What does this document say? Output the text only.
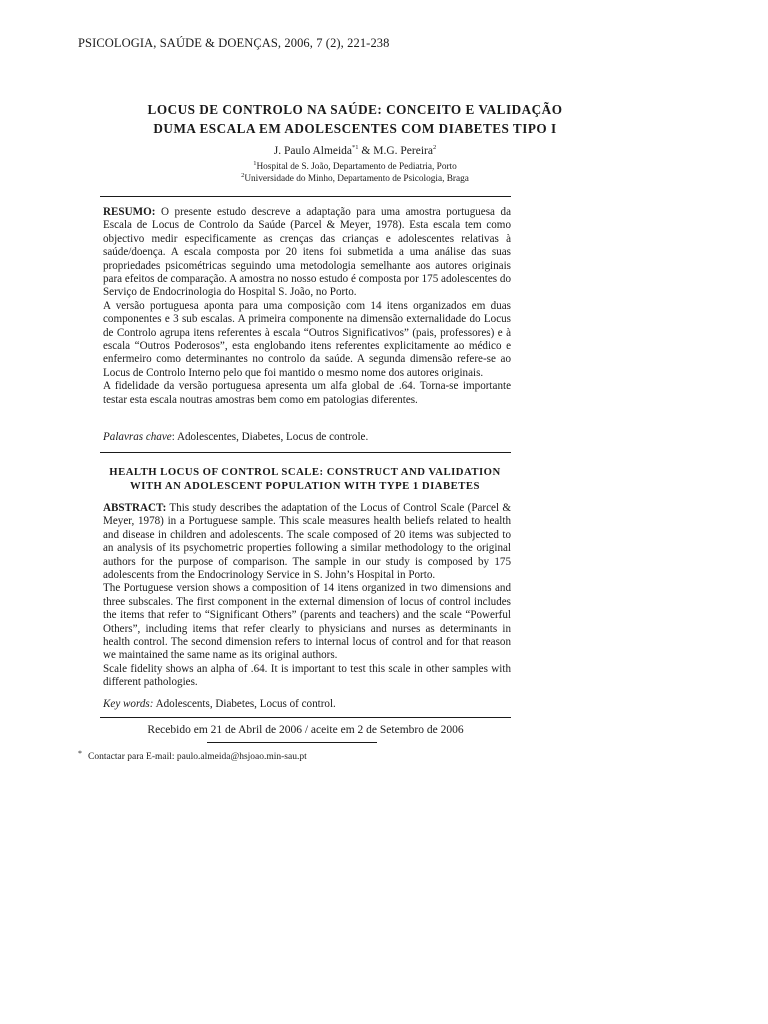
PSICOLOGIA, SAÚDE & DOENÇAS, 2006, 7 (2), 221-238
LOCUS DE CONTROLO NA SAÚDE: CONCEITO E VALIDAÇÃO
DUMA ESCALA EM ADOLESCENTES COM DIABETES TIPO I
J. Paulo Almeida$^{*1}$ & M.G. Pereira$^2$
$^1$Hospital de S. João, Departamento de Pediatria, Porto
$^2$Universidade do Minho, Departamento de Psicologia, Braga

RESUMO: O presente estudo descreve a adaptação para uma amostra portuguesa da Escala de Locus de Controlo da Saúde (Parcel & Meyer, 1978). Esta escala tem como objectivo medir especificamente as crenças das crianças e adolescentes relativas à saúde/doença. A escala composta por 20 itens foi submetida a uma análise das suas propriedades psicométricas seguindo uma metodologia semelhante aos autores originais para efeitos de comparação. A amostra no nosso estudo é composta por 175 adolescentes do Serviço de Endocrinologia do Hospital S. João, no Porto.

A versão portuguesa aponta para uma composição com 14 itens organizados em duas componentes e 3 sub escalas. A primeira componente na dimensão externalidade do Locus de Controlo agrupa itens referentes à escala “Outros Significativos” (pais, professores) e à escala “Outros Poderosos”, esta englobando itens referentes explicitamente ao médico e enfermeiro como determinantes no controlo da saúde. A segunda dimensão refere-se ao Locus de Controlo Interno pelo que foi mantido o mesmo nome dos autores originais.

A fidelidade da versão portuguesa apresenta um alfa global de .64. Torna-se importante testar esta escala noutras amostras bem como em patologias diferentes.

Palavras chave: Adolescentes, Diabetes, Locus de controle.
HEALTH LOCUS OF CONTROL SCALE: CONSTRUCT AND VALIDATION
WITH AN ADOLESCENT POPULATION WITH TYPE 1 DIABETES

ABSTRACT: This study describes the adaptation of the Locus of Control Scale (Parcel & Meyer, 1978) in a Portuguese sample. This scale measures health beliefs related to health and disease in children and adolescents. The scale composed of 20 items was subjected to an analysis of its psychometric properties following a similar methodology to the original authors for the purpose of comparison. The sample in our study is composed by 175 adolescents from the Endocrinology Service in S. John’s Hospital in Porto.

The Portuguese version shows a composition of 14 itens organized in two dimensions and three subscales. The first component in the external dimension of locus of control includes the items that refer to “Significant Others” (parents and teachers) and the scale “Powerful Others”, including items that refer clearly to physicians and nurses as determinants in health control. The second dimension refers to internal locus of control and for that reason we maintained the same name as its original authors.

Scale fidelity shows an alpha of .64. It is important to test this scale in other samples with different pathologies.

Key words: Adolescents, Diabetes, Locus of control.
Recebido em 21 de Abril de 2006 / aceite em 2 de Setembro de 2006
* Contactar para E-mail: paulo.almeida@hsjoao.min-sau.pt
